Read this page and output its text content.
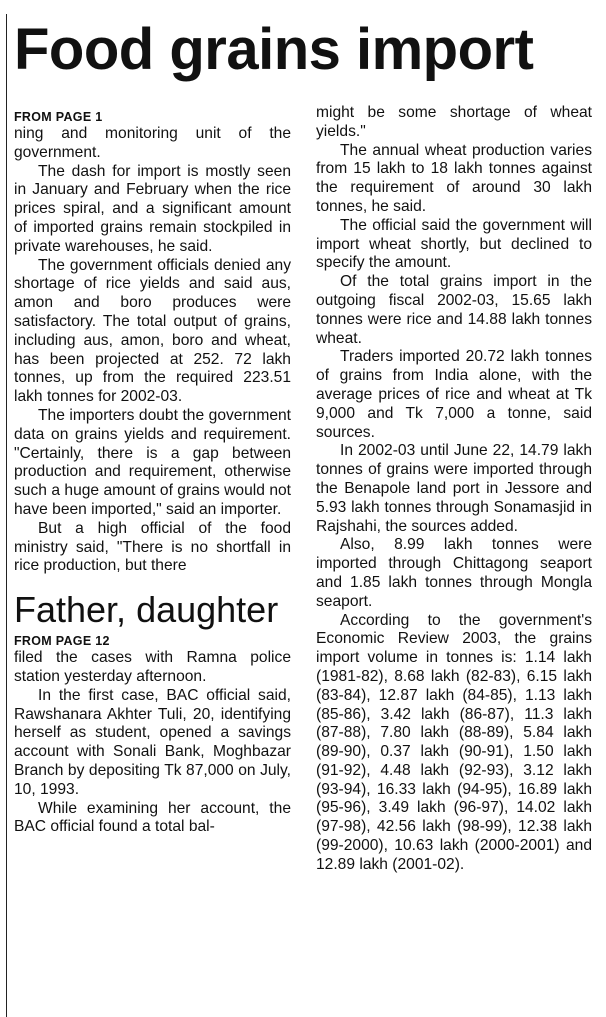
Food grains import

FROM PAGE 1

ning and monitoring unit of the government.

The dash for import is mostly seen in January and February when the rice prices spiral, and a significant amount of imported grains remain stockpiled in private warehouses, he said.

The government officials denied any shortage of rice yields and said aus, amon and boro produces were satisfactory. The total output of grains, including aus, amon, boro and wheat, has been projected at 252. 72 lakh tonnes, up from the required 223.51 lakh tonnes for 2002-03.

The importers doubt the government data on grains yields and requirement. "Certainly, there is a gap between production and requirement, otherwise such a huge amount of grains would not have been imported," said an importer.

But a high official of the food ministry said, "There is no shortfall in rice production, but there

Father, daughter

FROM PAGE 12

filed the cases with Ramna police station yesterday afternoon.

In the first case, BAC official said, Rawshanara Akhter Tuli, 20, identifying herself as student, opened a savings account with Sonali Bank, Moghbazar Branch by depositing Tk 87,000 on July, 10, 1993.

While examining her account, the BAC official found a total bal-

might be some shortage of wheat yields."

The annual wheat production varies from 15 lakh to 18 lakh tonnes against the requirement of around 30 lakh tonnes, he said.

The official said the government will import wheat shortly, but declined to specify the amount.

Of the total grains import in the outgoing fiscal 2002-03, 15.65 lakh tonnes were rice and 14.88 lakh tonnes wheat.

Traders imported 20.72 lakh tonnes of grains from India alone, with the average prices of rice and wheat at Tk 9,000 and Tk 7,000 a tonne, said sources.

In 2002-03 until June 22, 14.79 lakh tonnes of grains were imported through the Benapole land port in Jessore and 5.93 lakh tonnes through Sonamasjid in Rajshahi, the sources added.

Also, 8.99 lakh tonnes were imported through Chittagong seaport and 1.85 lakh tonnes through Mongla seaport.

According to the government's Economic Review 2003, the grains import volume in tonnes is: 1.14 lakh (1981-82), 8.68 lakh (82-83), 6.15 lakh (83-84), 12.87 lakh (84-85), 1.13 lakh (85-86), 3.42 lakh (86-87), 11.3 lakh (87-88), 7.80 lakh (88-89), 5.84 lakh (89-90), 0.37 lakh (90-91), 1.50 lakh (91-92), 4.48 lakh (92-93), 3.12 lakh (93-94), 16.33 lakh (94-95), 16.89 lakh (95-96), 3.49 lakh (96-97), 14.02 lakh (97-98), 42.56 lakh (98-99), 12.38 lakh (99-2000), 10.63 lakh (2000-2001) and 12.89 lakh (2001-02).
